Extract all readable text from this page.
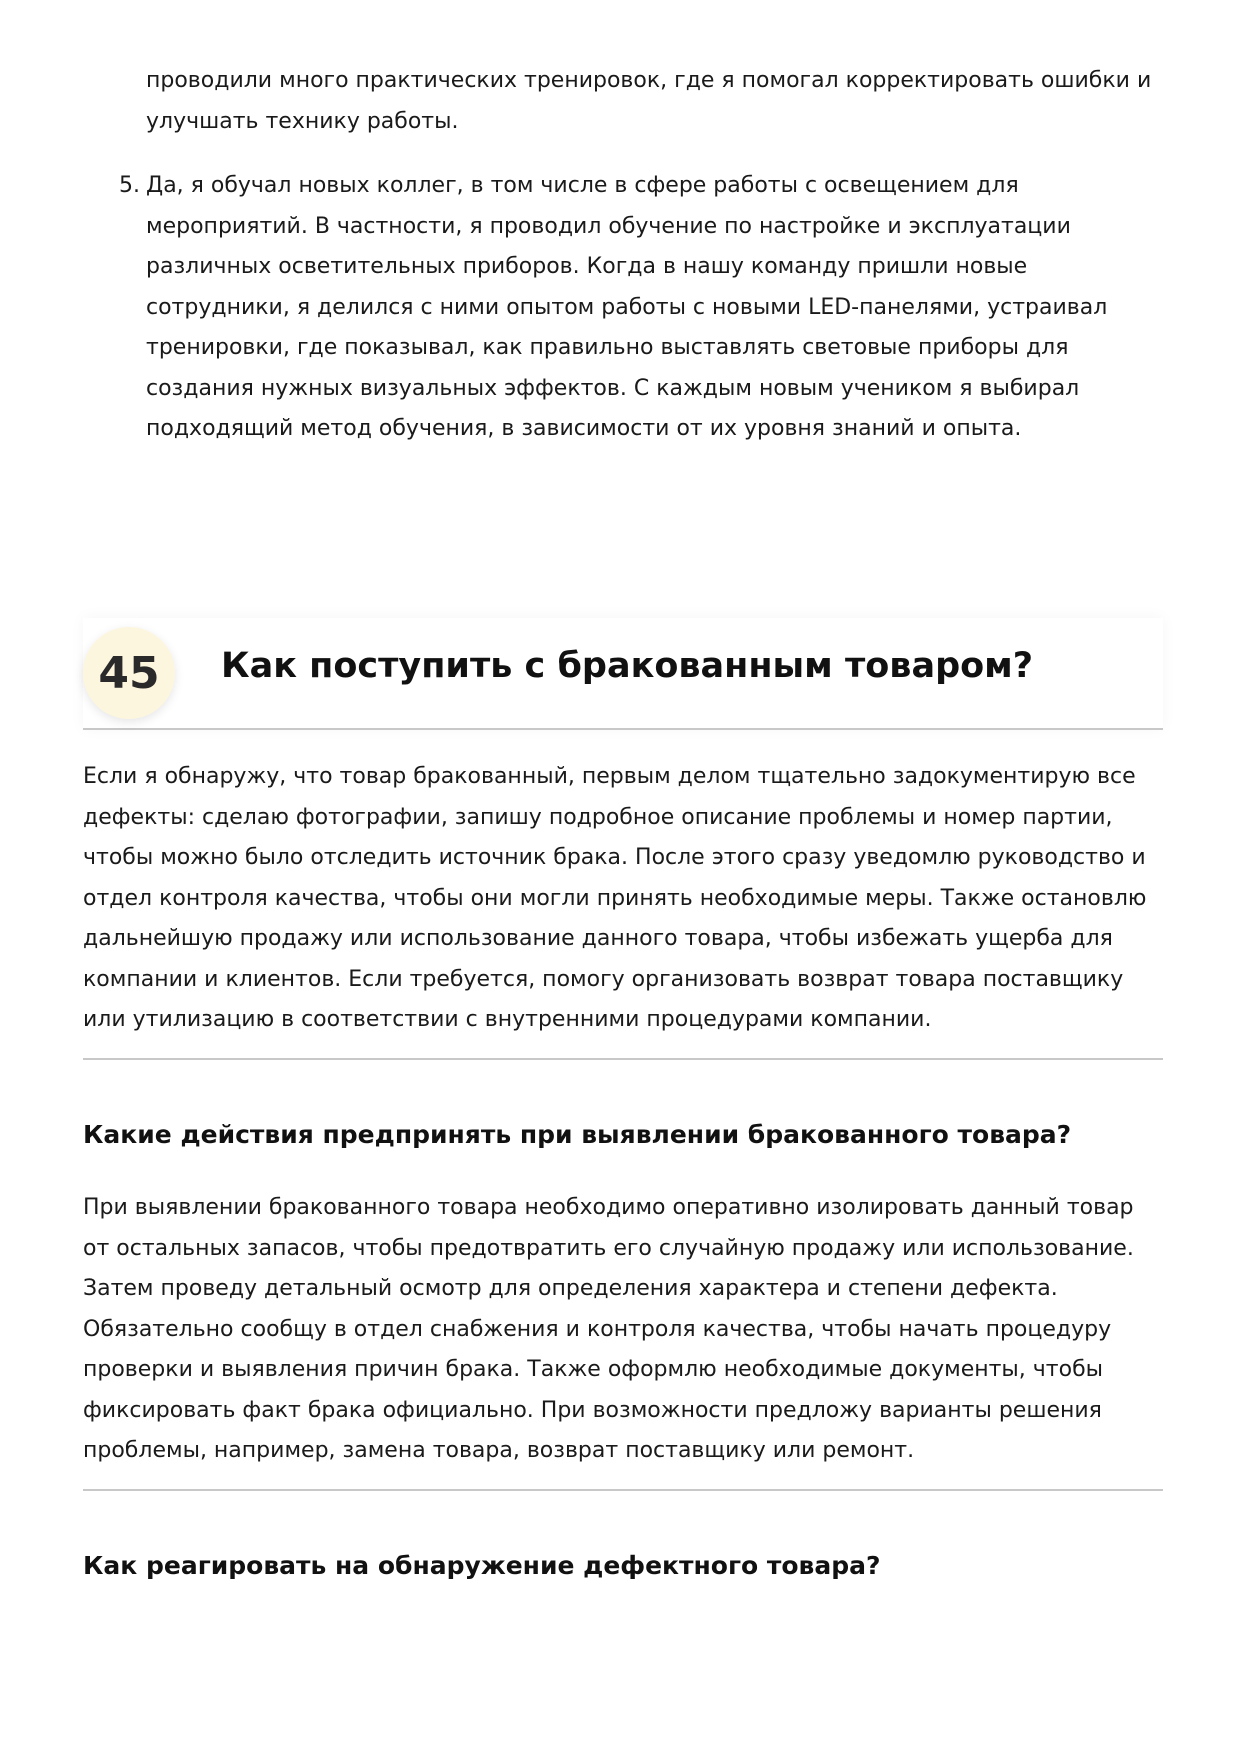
проводили много практических тренировок, где я помогал корректировать ошибки и улучшать технику работы.
5. Да, я обучал новых коллег, в том числе в сфере работы с освещением для мероприятий. В частности, я проводил обучение по настройке и эксплуатации различных осветительных приборов. Когда в нашу команду пришли новые сотрудники, я делился с ними опытом работы с новыми LED-панелями, устраивал тренировки, где показывал, как правильно выставлять световые приборы для создания нужных визуальных эффектов. С каждым новым учеником я выбирал подходящий метод обучения, в зависимости от их уровня знаний и опыта.
45	Как поступить с бракованным товаром?

Если я обнаружу, что товар бракованный, первым делом тщательно задокументирую все дефекты: сделаю фотографии, запишу подробное описание проблемы и номер партии, чтобы можно было отследить источник брака. После этого сразу уведомлю руководство и отдел контроля качества, чтобы они могли принять необходимые меры. Также остановлю дальнейшую продажу или использование данного товара, чтобы избежать ущерба для компании и клиентов. Если требуется, помогу организовать возврат товара поставщику или утилизацию в соответствии с внутренними процедурами компании.

Какие действия предпринять при выявлении бракованного товара?

При выявлении бракованного товара необходимо оперативно изолировать данный товар от остальных запасов, чтобы предотвратить его случайную продажу или использование. Затем проведу детальный осмотр для определения характера и степени дефекта. Обязательно сообщу в отдел снабжения и контроля качества, чтобы начать процедуру проверки и выявления причин брака. Также оформлю необходимые документы, чтобы фиксировать факт брака официально. При возможности предложу варианты решения проблемы, например, замена товара, возврат поставщику или ремонт.

Как реагировать на обнаружение дефектного товара?
